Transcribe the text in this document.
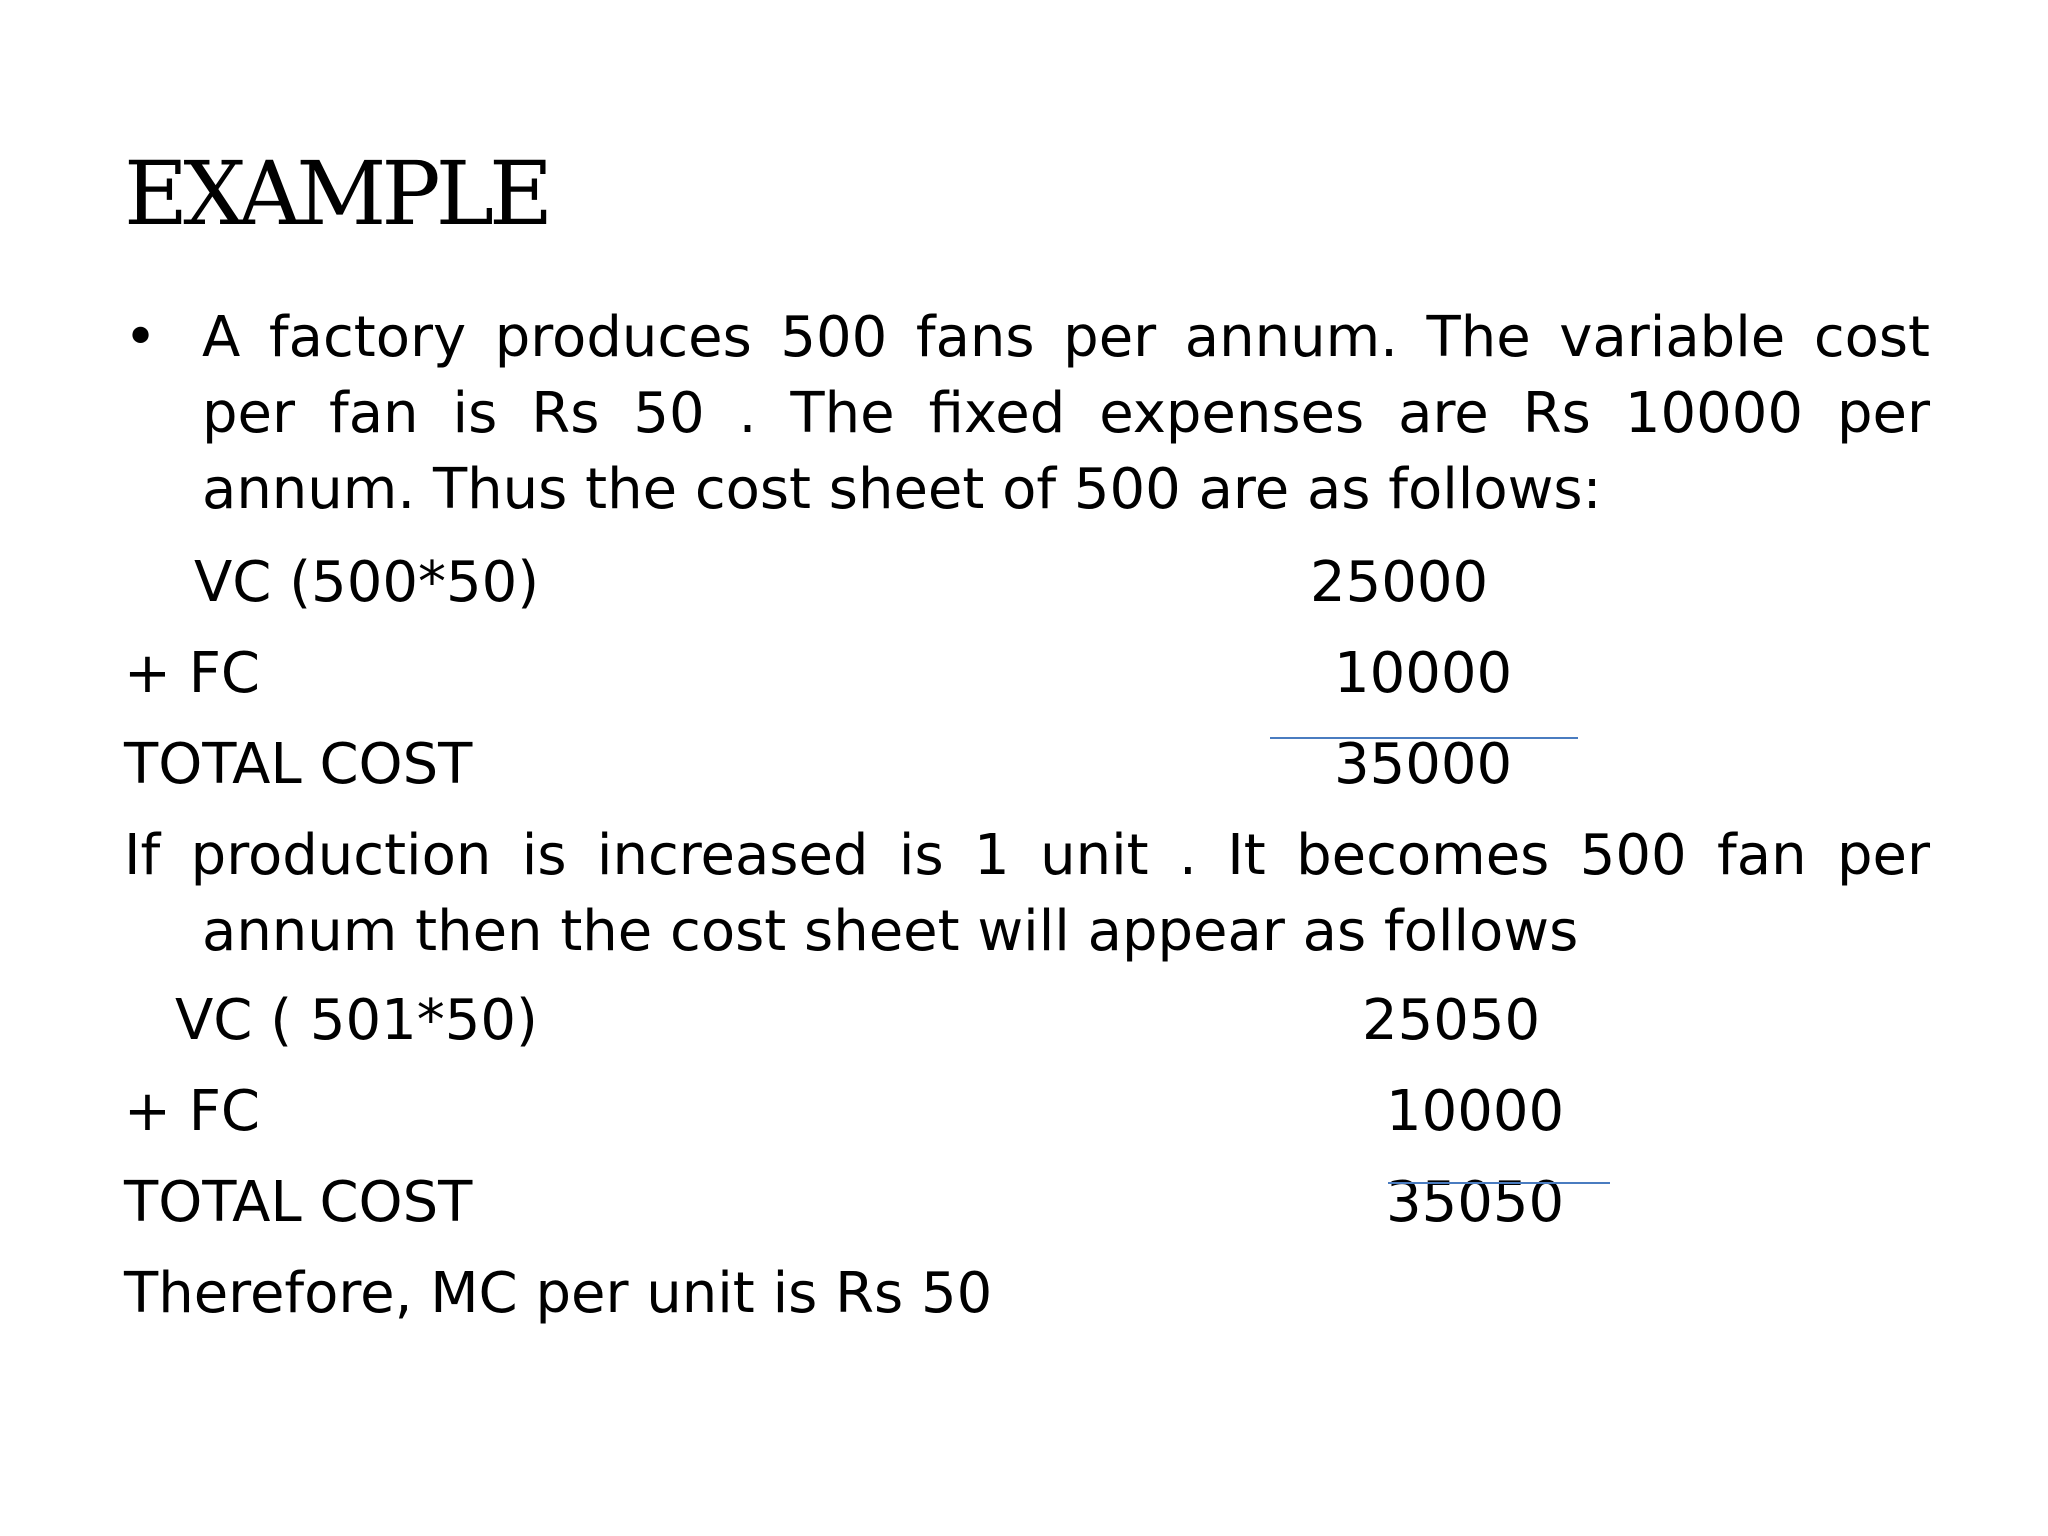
EXAMPLE
• A factory produces 500 fans per annum. The variable cost per fan is Rs 50 . The fixed expenses are Rs 10000 per annum. Thus the cost sheet of 500 are as follows:
VC (500*50)	25000
+ FC	10000
TOTAL COST	35000
If production is increased is 1 unit . It becomes 500 fan per
annum then the cost sheet will appear as follows
VC ( 501*50)	25050
+ FC	10000
TOTAL COST	35050
Therefore, MC per unit is Rs 50
